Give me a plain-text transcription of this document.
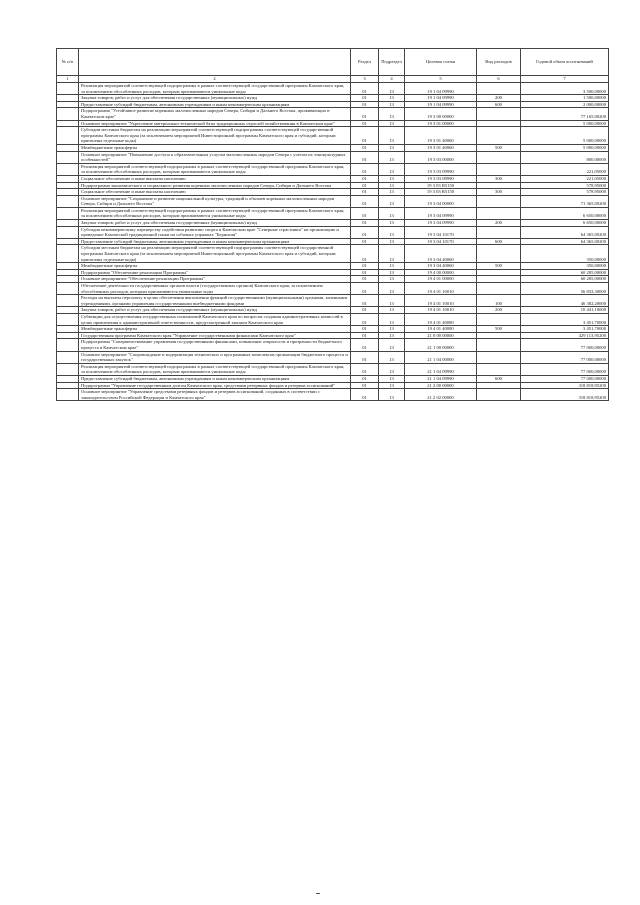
№ п/п		Раздел	Подраздел	Целевая статья	Вид расходов	Годовой объем ассигнований
1	2	3	4	5	6	7
	Реализация мероприятий соответствующей подпрограммы в рамках соответствующей государственной программы Камчатского края, за исключением обособленных расходов, которым присваиваются уникальные коды	01	13	19 1 04 09990		3 500,00000
	Закупка товаров, работ и услуг для обеспечения государственных (муниципальных) нужд	01	13	19 1 04 09990	200	1 500,00000
	Предоставление субсидий бюджетным, автономным учреждениям и иным некоммерческим организациям	01	13	19 1 04 09990	600	2 000,00000
	Подпрограмма "Устойчивое развитие коренных малочисленных народов Севера, Сибири и Дальнего Востока, проживающих в Камчатском крае"	01	13	19 3 00 00000		77 165,00200
	Основное мероприятие "Укрепление материально-технической базы традиционных отраслей хозяйствования в Камчатском крае"	01	13	19 3 01 00000		5 000,00000
	Субсидии местным бюджетам на реализацию мероприятий соответствующей подпрограммы соответствующей государственной программы Камчатского края (за исключением мероприятий Инвестиционной программы Камчатского края и субсидий, которым присвоены отдельные коды)	01	13	19 3 01 40060		5 000,00000
	Межбюджетные трансферты	01	13	19 3 01 40060	500	5 000,00000
	Основное мероприятие "Повышение доступа к образовательным услугам малочисленных народов Севера с учетом их этнокультурных особенностей"	01	13	19 3 03 00000		800,00000
	Реализация мероприятий соответствующей подпрограммы в рамках соответствующей государственной программы Камчатского края, за исключением обособленных расходов, которым присваиваются уникальные коды	01	13	19 3 03 09990		221,05000
	Социальное обеспечение и иные выплаты населению	01	13	19 3 03 09990	300	221,05000
	Подпрограмма экономического и социального развития коренных малочисленных народов Севера, Сибири и Дальнего Востока	01	13	19 3 03 R5150		578,95000
	Социальное обеспечение и иные выплаты населению	01	13	19 3 03 R5150	300	578,95000
	Основное мероприятие "Сохранение и развитие национальной культуры, традиций и обычаев коренных малочисленных народов Севера, Сибири и Дальнего Востока"	01	13	19 3 04 00000		71 365,00200
	Реализация мероприятий соответствующей подпрограммы в рамках соответствующей государственной программы Камчатского края, за исключением обособленных расходов, которым присваиваются уникальные коды	01	13	19 3 04 09990		6 650,00000
	Закупка товаров, работ и услуг для обеспечения государственных (муниципальных) нужд	01	13	19 3 04 09990	200	6 650,00000
	Субсидия некоммерческому партнерству содействия развитию спорта в Камчатском крае "Северные страстники" на организацию и проведение Камчатской традиционной гонки на собачьих упряжках "Берингия"	01	13	19 3 04 10170		64 365,00200
	Предоставление субсидий бюджетным, автономным учреждениям и иным некоммерческим организациям	01	13	19 3 04 10170	600	64 365,00200
	Субсидии местным бюджетам на реализацию мероприятий соответствующей подпрограммы соответствующей государственной программы Камчатского края (за исключением мероприятий Инвестиционной программы Камчатского края и субсидий, которым присвоены отдельные коды)	01	13	19 3 04 40060		350,00000
	Межбюджетные трансферты	01	13	19 3 04 40060	500	350,00000
	Подпрограмма "Обеспечение реализации Программы"	01	13	19 4 00 00000		60 285,00000
	Основное мероприятие "Обеспечение реализации Программы"	01	13	19 4 01 00000		60 285,00000
	Обеспечение деятельности государственных органов власти (государственных органов) Камчатского края, за исключением обособленных расходов, которым присваиваются уникальные коды	01	13	19 4 01 10010		56 833,30000
	Расходы на выплаты персоналу в целях обеспечения выполнения функций государственными (муниципальными) органами, казенными учреждениями, органами управления государственными внебюджетными фондами	01	13	19 4 01 10010	100	46 382,20000
	Закупка товаров, работ и услуг для обеспечения государственных (муниципальных) нужд	01	13	19 4 01 10010	200	10 441,10000
	Субвенции для осуществления государственных полномочий Камчатского края по вопросам создания административных комиссий в целях привлечения к административной ответственности, предусмотренной законом Камчатского края	01	13	19 4 01 40080		3 451,70000
	Межбюджетные трансферты	01	13	19 4 01 40080	500	3 451,70000
	Государственная программа Камчатского края "Управление государственными финансами Камчатского края"	01	13	21 0 00 00000		429 113,95200
	Подпрограмма "Совершенствование управления государственными финансами, повышение открытости и прозрачности бюджетного процесса в Камчатском крае"	01	13	21 1 00 00000		77 000,00000
	Основное мероприятие "Сопровождение и модернизация технических и программных комплексов организации бюджетного процесса и государственных закупок"	01	13	21 1 04 00000		77 000,00000
	Реализация мероприятий соответствующей подпрограммы в рамках соответствующей государственной программы Камчатского края, за исключением обособленных расходов, которым присваиваются уникальные коды	01	13	21 1 04 09990		77 000,00000
	Предоставление субсидий бюджетным, автономным учреждениям и иным некоммерческим организациям	01	13	21 1 04 09990	600	77 000,00000
	Подпрограмма "Управление государственным долгом Камчатского края, средствами резервных фондов и резервов ассигнований"	01	13	21 2 00 00000		318 818,95200
	Основное мероприятие "Управление средствами резервных фондов и резервов ассигнований, созданных в соответствии с законодательством Российской Федерации и Камчатского края"	01	13	21 2 02 00000		318 818,95200
